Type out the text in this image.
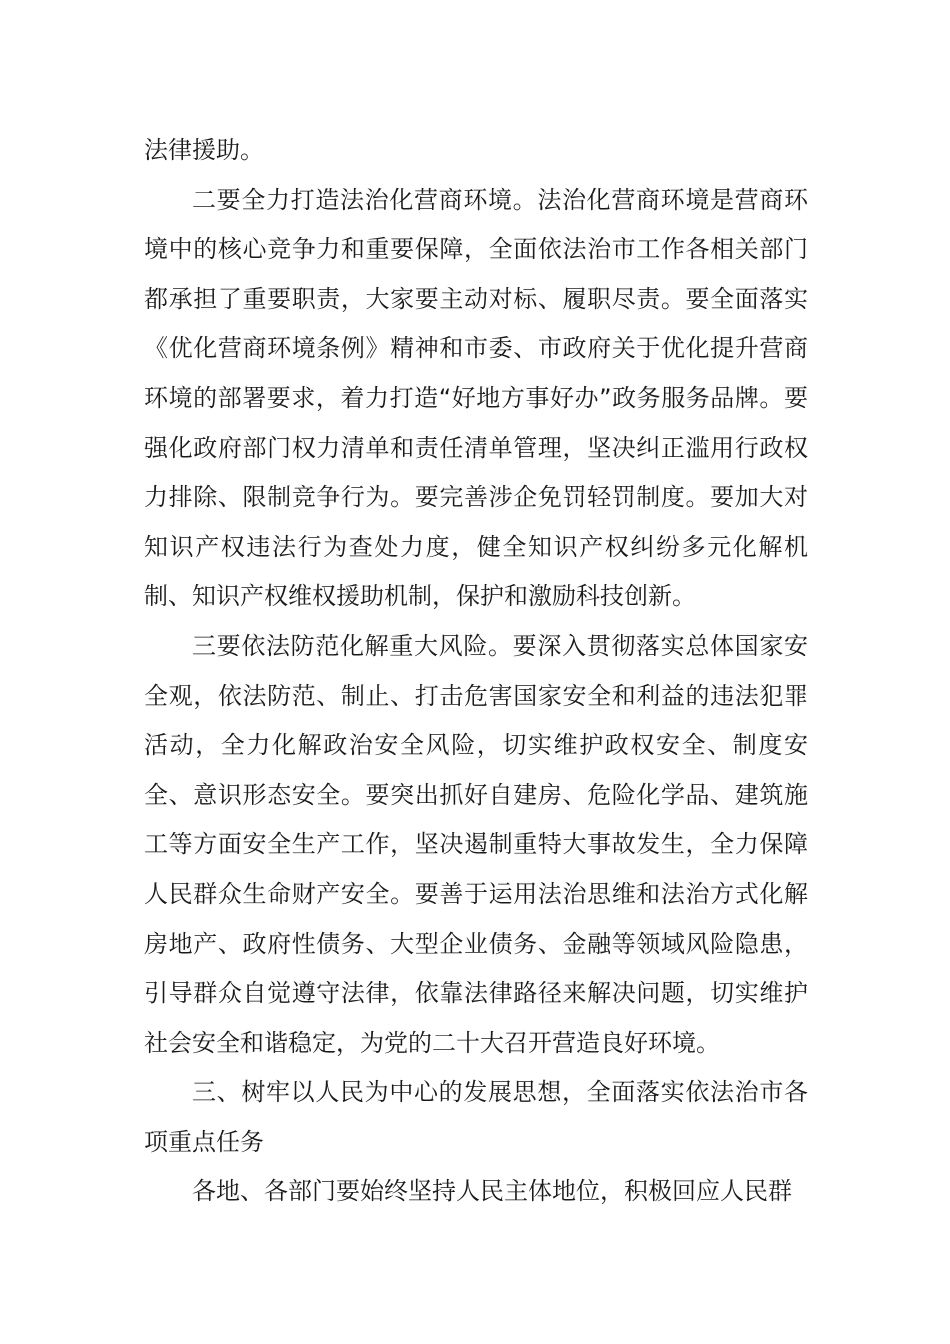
法律援助。

二要全力打造法治化营商环境。法治化营商环境是营商环境中的核心竞争力和重要保障，全面依法治市工作各相关部门都承担了重要职责，大家要主动对标、履职尽责。要全面落实《优化营商环境条例》精神和市委、市政府关于优化提升营商环境的部署要求，着力打造“好地方事好办”政务服务品牌。要强化政府部门权力清单和责任清单管理，坚决纠正滥用行政权力排除、限制竞争行为。要完善涉企免罚轻罚制度。要加大对知识产权违法行为查处力度，健全知识产权纠纷多元化解机制、知识产权维权援助机制，保护和激励科技创新。

三要依法防范化解重大风险。要深入贯彻落实总体国家安全观，依法防范、制止、打击危害国家安全和利益的违法犯罪活动，全力化解政治安全风险，切实维护政权安全、制度安全、意识形态安全。要突出抓好自建房、危险化学品、建筑施工等方面安全生产工作，坚决遏制重特大事故发生，全力保障人民群众生命财产安全。要善于运用法治思维和法治方式化解房地产、政府性债务、大型企业债务、金融等领域风险隐患，引导群众自觉遵守法律，依靠法律路径来解决问题，切实维护社会安全和谐稳定，为党的二十大召开营造良好环境。

三、树牢以人民为中心的发展思想，全面落实依法治市各项重点任务

各地、各部门要始终坚持人民主体地位，积极回应人民群
